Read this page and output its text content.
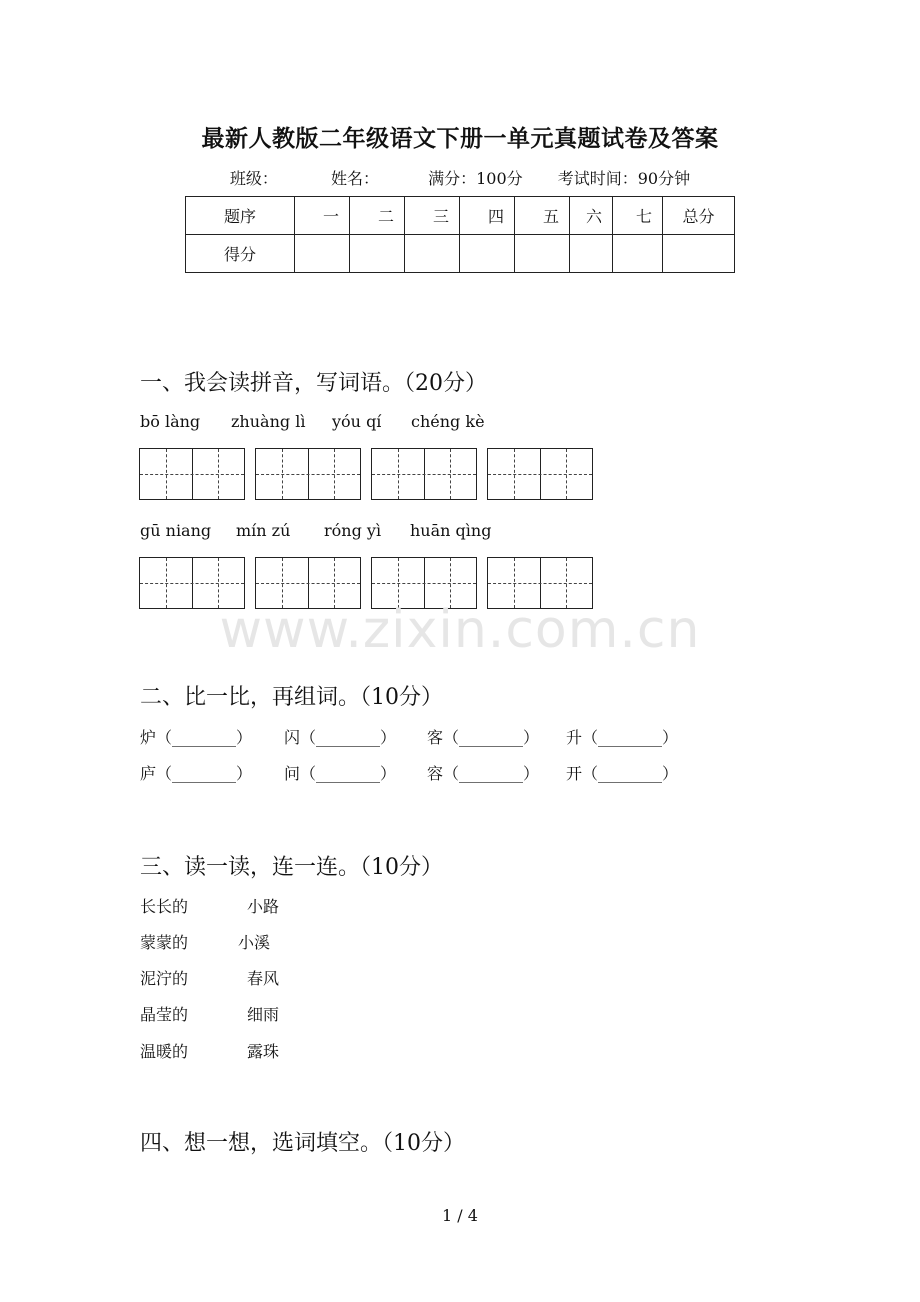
最新人教版二年级语文下册一单元真题试卷及答案
班级：	姓名：	满分：100分 考试时间：90分钟
题序	一	二	三	四	五	六	七	总分
得分								
一、我会读拼音，写词语。（20分）
bō làng zhuàng lì yóu qí chéng kè
gū niang mín zú róng yì huān qìng
www.zixin.com.cn
二、比一比，再组词。（10分）
炉（________） 闪（________） 客（________） 升（________）
庐（________） 问（________） 容（________） 开（________）
三、读一读，连一连。（10分）
长长的	小路
蒙蒙的	小溪
泥泞的	春风
晶莹的	细雨
温暖的	露珠
四、想一想，选词填空。（10分）
1 / 4
